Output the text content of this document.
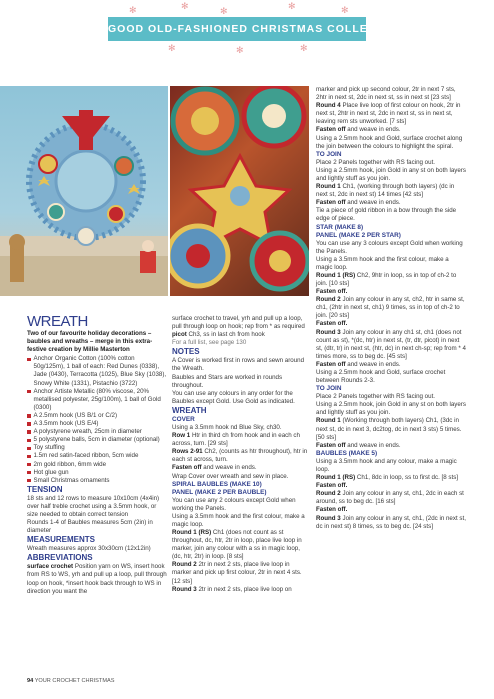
✻	✻	✻	✻	✻
✻	✻	✻
GOOD OLD-FASHIONED CHRISTMAS COLLECTION

WREATH

Two of our favourite holiday decorations – baubles and wreaths – merge in this extra-festive creation by Millie Masterton

Anchor Organic Cotton (100% cotton 50g/125m), 1 ball of each: Red Dunes (0338), Jade (0430), Terracotta (1025), Blue Sky (1038), Snowy White (1331), Pistachio (3722)
Anchor Artiste Metallic (80% viscose, 20% metallised polyester, 25g/100m), 1 ball of Gold (0300)
A 2.5mm hook (US B/1 or C/2)
A 3.5mm hook (US E/4)
A polystyrene wreath, 25cm in diameter
5 polystyrene balls, 5cm in diameter (optional)
Toy stuffing
1.5m red satin-faced ribbon, 5cm wide
2m gold ribbon, 6mm wide
Hot glue gun
Small Christmas ornaments

TENSION

18 sts and 12 rows to measure 10x10cm (4x4in) over half treble crochet using a 3.5mm hook, or size needed to obtain correct tension

Rounds 1-4 of Baubles measures 5cm (2in) in diameter

MEASUREMENTS

Wreath measures approx 30x30cm (12x12in)

ABBREVIATIONS

surface crochet Position yarn on WS, insert hook from RS to WS, yrh and pull up a loop, pull through loop on hook, *insert hook back through to WS in direction you want the

surface crochet to travel, yrh and pull up a loop, pull through loop on hook; rep from * as required

picot Ch3, ss in last ch from hook

For a full list, see page 130

NOTES

A Cover is worked first in rows and sewn around the Wreath.

Baubles and Stars are worked in rounds throughout.

You can use any colours in any order for the Baubles except Gold. Use Gold as indicated.

WREATH

COVER

Using a 3.5mm hook nd Blue Sky, ch30.

Row 1 Htr in third ch from hook and in each ch across, turn. [29 sts]

Rows 2-91 Ch2, (counts as htr throughout), htr in each st across, turn.

Fasten off and weave in ends.

Wrap Cover over wreath and sew in place.

SPIRAL BAUBLES (MAKE 10)

PANEL (MAKE 2 PER BAUBLE)

You can use any 2 colours except Gold when working the Panels.

Using a 3.5mm hook and the first colour, make a magic loop.

Round 1 (RS) Ch1 (does not count as st throughout, dc, htr, 2tr in loop, place live loop in marker, join any colour with a ss in magic loop, (dc, htr, 2tr) in loop. [8 sts]

Round 2 2tr in next 2 sts, place live loop in marker and pick up first colour, 2tr in next 4 sts. [12 sts]

Round 3 2tr in next 2 sts, place live loop on

marker and pick up second colour, 2tr in next 7 sts, 2htr in next st, 2dc in next st, ss in next st [23 sts]

Round 4 Place live loop of first colour on hook, 2tr in next st, 2htr in next st, 2dc in next st, ss in next st, leaving rem sts unworked. [7 sts]

Fasten off and weave in ends.

Using a 2.5mm hook and Gold, surface crochet along the join between the colours to highlight the spiral.

TO JOIN

Place 2 Panels together with RS facing out.

Using a 2.5mm hook, join Gold in any st on both layers and lightly stuff as you join.

Round 1 Ch1, (working through both layers) (dc in next st, 2dc in next st) 14 times [42 sts]

Fasten off and weave in ends.

Tie a piece of gold ribbon in a bow through the side edge of piece.

STAR (MAKE 8)

PANEL (MAKE 2 PER STAR)

You can use any 3 colours except Gold when working the Panels.

Using a 3.5mm hook and the first colour, make a magic loop.

Round 1 (RS) Ch2, 9htr in loop, ss in top of ch-2 to join. [10 sts]

Fasten off.

Round 2 Join any colour in any st, ch2, htr in same st, ch1, (2htr in next st, ch1) 9 times, ss in top of ch-2 to join. [20 sts]

Fasten off.

Round 3 Join any colour in any ch1 st, ch1 (does not count as st), *(dc, htr) in next st, (tr, dtr, picot) in next st, (dtr, tr) in next st, (htr, dc) in next ch-sp; rep from * 4 times more, ss to beg dc. [45 sts]

Fasten off and weave in ends.

Using a 2.5mm hook and Gold, surface crochet between Rounds 2-3.

TO JOIN

Place 2 Panels together with RS facing out.

Using a 2.5mm hook, join Gold in any st on both layers and lightly stuff as you join.

Round 1 (Working through both layers) Ch1, (3dc in next st, dc in next 3, dc2tog, dc in next 3 sts) 5 times. [50 sts]

Fasten off and weave in ends.

BAUBLES (MAKE 5)

Using a 3.5mm hook and any colour, make a magic loop.

Round 1 (RS) Ch1, 8dc in loop, ss to first dc. [8 sts]

Fasten off.

Round 2 Join any colour in any st, ch1, 2dc in each st around, ss to beg dc. [16 sts]

Fasten off.

Round 3 Join any colour in any st, ch1, (2dc in next st, dc in next st) 8 times, ss to beg dc. [24 sts]

94 YOUR CROCHET CHRISTMAS
